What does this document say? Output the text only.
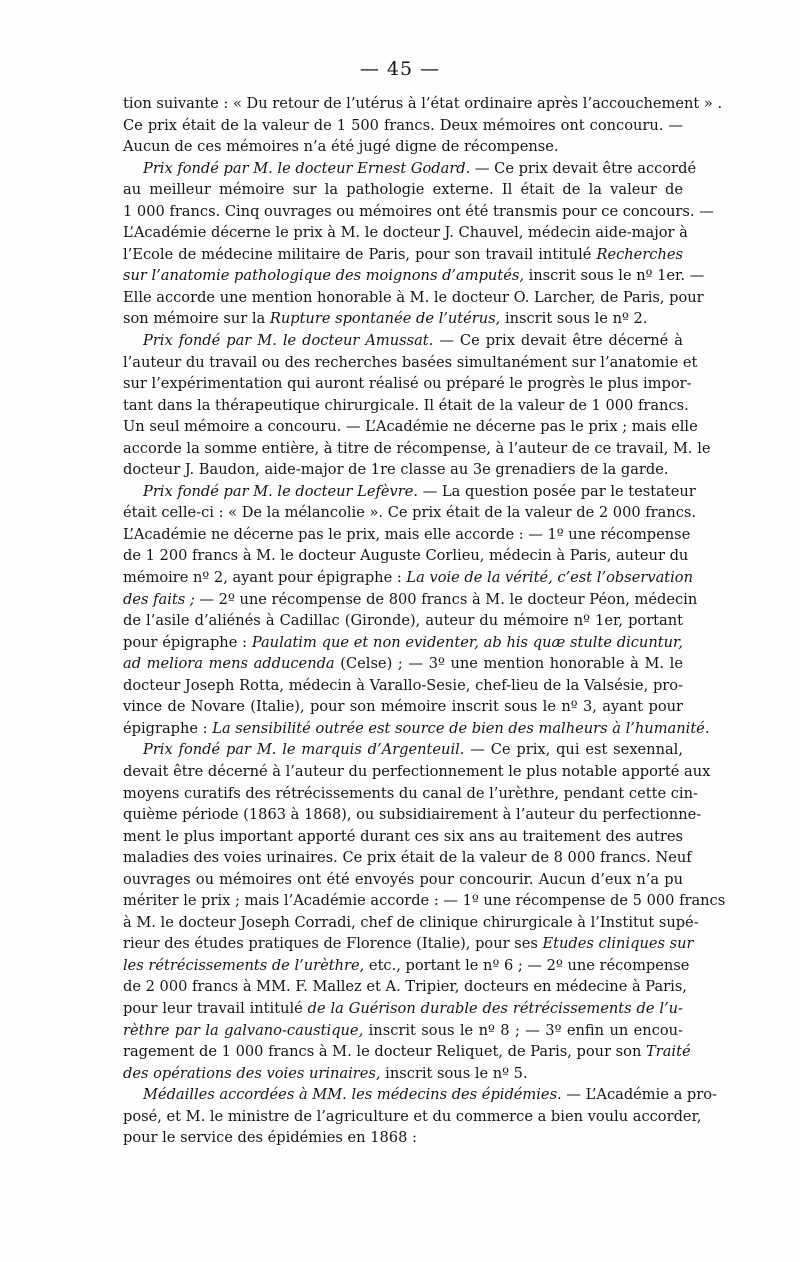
— 45 —
tion suivante : « Du retour de l’utérus à l’état ordinaire après l’accouchement » .
Ce prix était de la valeur de 1 500 francs. Deux mémoires ont concouru. —
Aucun de ces mémoires n’a été jugé digne de récompense.
Prix fondé par M. le docteur Ernest Godard. — Ce prix devait être accordé
au meilleur mémoire sur la pathologie externe. Il était de la valeur de
1 000 francs. Cinq ouvrages ou mémoires ont été transmis pour ce concours. —
L’Académie décerne le prix à M. le docteur J. Chauvel, médecin aide-major à
l’Ecole de médecine militaire de Paris, pour son travail intitulé Recherches
sur l’anatomie pathologique des moignons d’amputés, inscrit sous le nº 1er. —
Elle accorde une mention honorable à M. le docteur O. Larcher, de Paris, pour
son mémoire sur la Rupture spontanée de l’utérus, inscrit sous le nº 2.
Prix fondé par M. le docteur Amussat. — Ce prix devait être décerné à
l’auteur du travail ou des recherches basées simultanément sur l’anatomie et
sur l’expérimentation qui auront réalisé ou préparé le progrès le plus impor-
tant dans la thérapeutique chirurgicale. Il était de la valeur de 1 000 francs.
Un seul mémoire a concouru. — L’Académie ne décerne pas le prix ; mais elle
accorde la somme entière, à titre de récompense, à l’auteur de ce travail, M. le
docteur J. Baudon, aide-major de 1re classe au 3e grenadiers de la garde.
Prix fondé par M. le docteur Lefèvre. — La question posée par le testateur
était celle-ci : « De la mélancolie ». Ce prix était de la valeur de 2 000 francs.
L’Académie ne décerne pas le prix, mais elle accorde : — 1º une récompense
de 1 200 francs à M. le docteur Auguste Corlieu, médecin à Paris, auteur du
mémoire nº 2, ayant pour épigraphe : La voie de la vérité, c’est l’observation
des faits ; — 2º une récompense de 800 francs à M. le docteur Péon, médecin
de l’asile d’aliénés à Cadillac (Gironde), auteur du mémoire nº 1er, portant
pour épigraphe : Paulatim que et non evidenter, ab his quæ stulte dicuntur,
ad meliora mens adducenda (Celse) ; — 3º une mention honorable à M. le
docteur Joseph Rotta, médecin à Varallo-Sesie, chef-lieu de la Valsésie, pro-
vince de Novare (Italie), pour son mémoire inscrit sous le nº 3, ayant pour
épigraphe : La sensibilité outrée est source de bien des malheurs à l’humanité.
Prix fondé par M. le marquis d’Argenteuil. — Ce prix, qui est sexennal,
devait être décerné à l’auteur du perfectionnement le plus notable apporté aux
moyens curatifs des rétrécissements du canal de l’urèthre, pendant cette cin-
quième période (1863 à 1868), ou subsidiairement à l’auteur du perfectionne-
ment le plus important apporté durant ces six ans au traitement des autres
maladies des voies urinaires. Ce prix était de la valeur de 8 000 francs. Neuf
ouvrages ou mémoires ont été envoyés pour concourir. Aucun d’eux n’a pu
mériter le prix ; mais l’Académie accorde : — 1º une récompense de 5 000 francs
à M. le docteur Joseph Corradi, chef de clinique chirurgicale à l’Institut supé-
rieur des études pratiques de Florence (Italie), pour ses Etudes cliniques sur
les rétrécissements de l’urèthre, etc., portant le nº 6 ; — 2º une récompense
de 2 000 francs à MM. F. Mallez et A. Tripier, docteurs en médecine à Paris,
pour leur travail intitulé de la Guérison durable des rétrécissements de l’u-
rèthre par la galvano-caustique, inscrit sous le nº 8 ; — 3º enfin un encou-
ragement de 1 000 francs à M. le docteur Reliquet, de Paris, pour son Traité
des opérations des voies urinaires, inscrit sous le nº 5.
Médailles accordées à MM. les médecins des épidémies. — L’Académie a pro-
posé, et M. le ministre de l’agriculture et du commerce a bien voulu accorder,
pour le service des épidémies en 1868 :
